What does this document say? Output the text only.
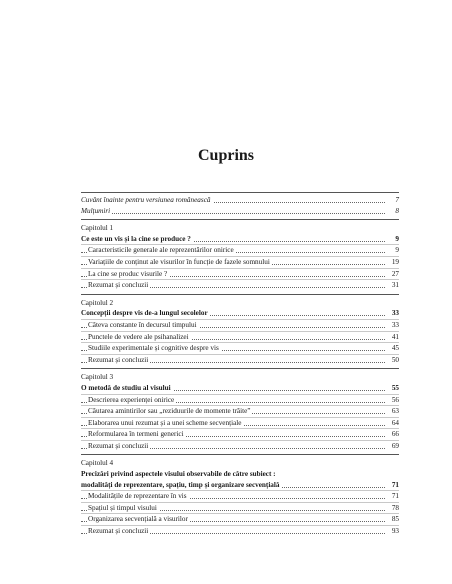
Cuprins
Cuvânt înainte pentru versiunea românească	7
Mulțumiri	8
Capitolul 1
Ce este un vis și la cine se produce ?	9
Caracteristicile generale ale reprezentărilor onirice	9
Variațiile de conținut ale visurilor în funcție de fazele somnului	19
La cine se produc visurile ?	27
Rezumat și concluzii	31
Capitolul 2
Concepții despre vis de-a lungul secolelor	33
Câteva constante în decursul timpului	33
Punctele de vedere ale psihanalizei	41
Studiile experimentale și cognitive despre vis	45
Rezumat și concluzii	50
Capitolul 3
O metodă de studiu al visului	55
Descrierea experienței onirice	56
Căutarea amintirilor sau „reziduurile de momente trăite”	63
Elaborarea unui rezumat și a unei scheme secvențiale	64
Reformularea în termeni generici	66
Rezumat și concluzii	69
Capitolul 4
Precizări privind aspectele visului observabile de către subiect :
modalități de reprezentare, spațiu, timp și organizare secvențială	71
Modalitățile de reprezentare în vis	71
Spațiul și timpul visului	78
Organizarea secvențială a visurilor	85
Rezumat și concluzii	93
